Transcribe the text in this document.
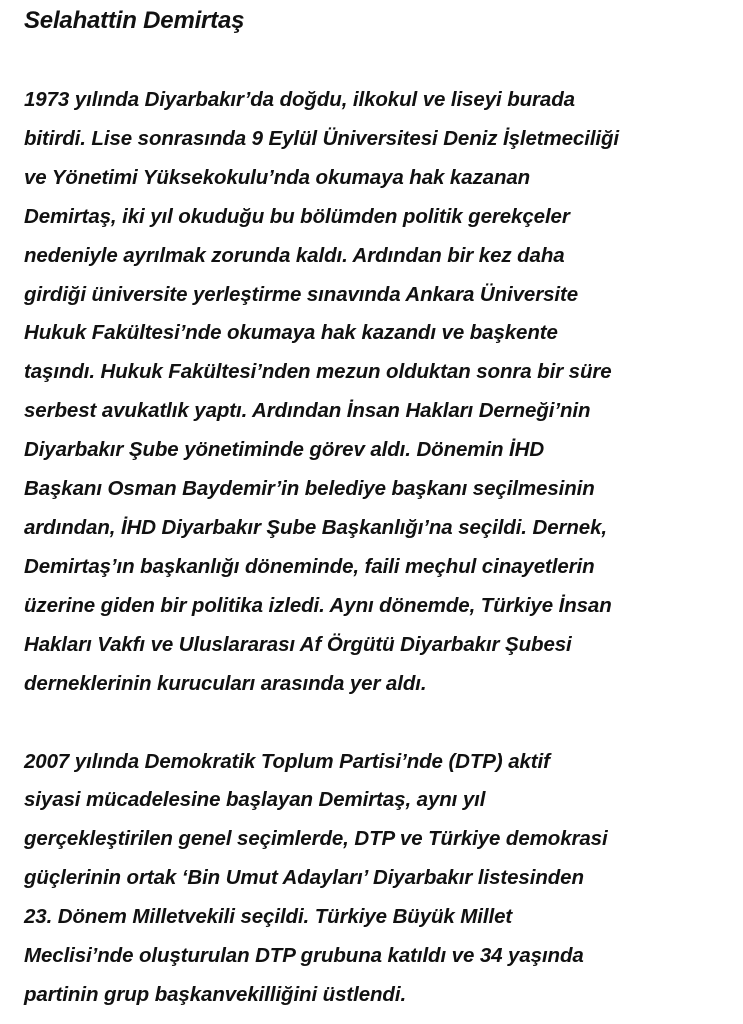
Selahattin Demirtaş

1973 yılında Diyarbakır’da doğdu, ilkokul ve liseyi burada
bitirdi. Lise sonrasında 9 Eylül Üniversitesi Deniz İşletmeciliği
ve Yönetimi Yüksekokulu’nda okumaya hak kazanan
Demirtaş, iki yıl okuduğu bu bölümden politik gerekçeler
nedeniyle ayrılmak zorunda kaldı. Ardından bir kez daha
girdiği üniversite yerleştirme sınavında Ankara Üniversite
Hukuk Fakültesi’nde okumaya hak kazandı ve başkente
taşındı. Hukuk Fakültesi’nden mezun olduktan sonra bir süre
serbest avukatlık yaptı. Ardından İnsan Hakları Derneği’nin
Diyarbakır Şube yönetiminde görev aldı. Dönemin İHD
Başkanı Osman Baydemir’in belediye başkanı seçilmesinin
ardından, İHD Diyarbakır Şube Başkanlığı’na seçildi. Dernek,
Demirtaş’ın başkanlığı döneminde, faili meçhul cinayetlerin
üzerine giden bir politika izledi. Aynı dönemde, Türkiye İnsan
Hakları Vakfı ve Uluslararası Af Örgütü Diyarbakır Şubesi
derneklerinin kurucuları arasında yer aldı.

2007 yılında Demokratik Toplum Partisi’nde (DTP) aktif
siyasi mücadelesine başlayan Demirtaş, aynı yıl
gerçekleştirilen genel seçimlerde, DTP ve Türkiye demokrasi
güçlerinin ortak ‘Bin Umut Adayları’ Diyarbakır listesinden
23. Dönem Milletvekili seçildi. Türkiye Büyük Millet
Meclisi’nde oluşturulan DTP grubuna katıldı ve 34 yaşında
partinin grup başkanvekilliğini üstlendi.
